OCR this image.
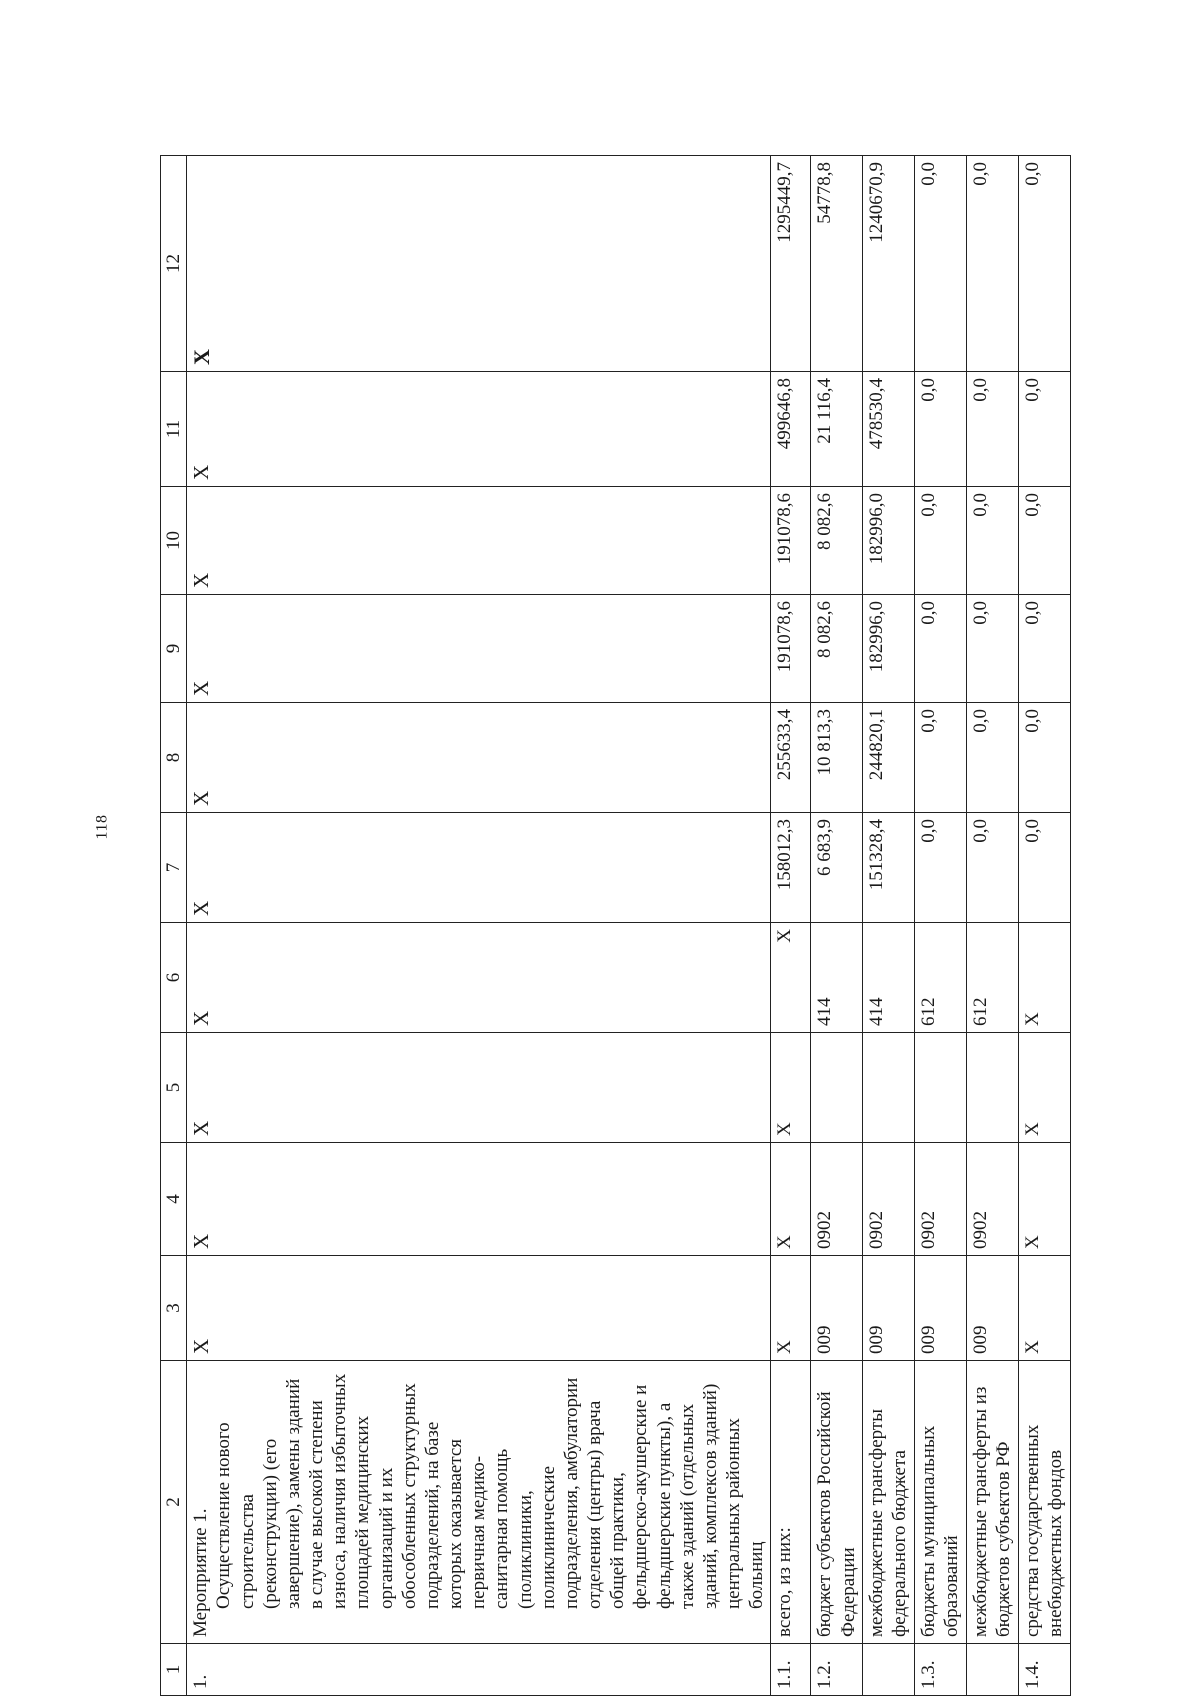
118
1	2	3	4	5	6	7	8	9	10	11	12
1.	Мероприятие 1. Осуществление нового строительства (реконструкции) (его завершение), замены зданий в случае высокой степени износа, наличия избыточных площадей медицинских организаций и их обособленных структурных подразделений, на базе которых оказывается первичная медико-санитарная помощь (поликлиники, поликлинические подразделения, амбулатории отделения (центры) врача общей практики, фельдшерско-акушерские и фельдшерские пункты), а также зданий (отдельных зданий, комплексов зданий) центральных районных больниц	X	X	X	X	X	X	X	X	X	X
1.1.	всего, из них:	X	X	X	X	158012,3	255633,4	191078,6	191078,6	499646,8	1295449,7
1.2.	бюджет субъектов Российской Федерации	009	0902		414	6 683,9	10 813,3	8 082,6	8 082,6	21 116,4	54778,8
	межбюджетные трансферты федерального бюджета	009	0902		414	151328,4	244820,1	182996,0	182996,0	478530,4	1240670,9
1.3.	бюджеты муниципальных образований	009	0902		612	0,0	0,0	0,0	0,0	0,0	0,0
	межбюджетные трансферты из бюджетов субъектов РФ	009	0902		612	0,0	0,0	0,0	0,0	0,0	0,0
1.4.	средства государственных внебюджетных фондов	X	X	X	X	0,0	0,0	0,0	0,0	0,0	0,0
